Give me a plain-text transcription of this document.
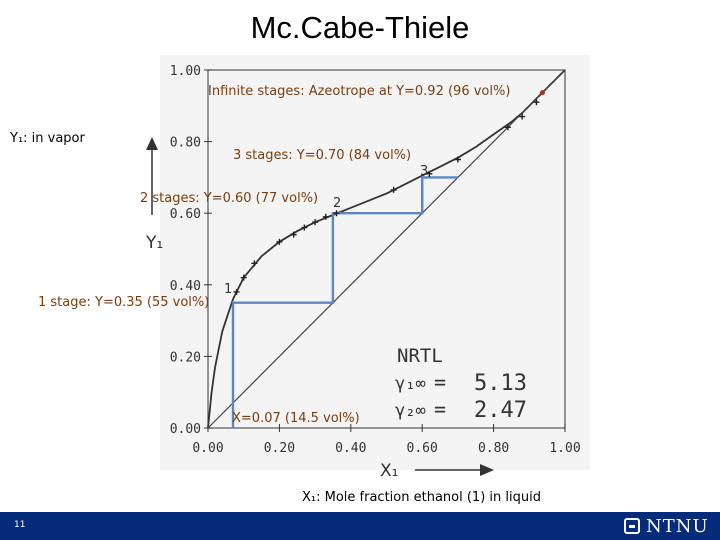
Mc.Cabe-Thiele
0.00
0.20
0.40
0.60
0.80
1.00
0.00	0.20	0.40	0.60	0.80	1.00
Y₁
X₁
NRTL
γ₁∞ = 5.13
γ₂∞ = 2.47
Infinite stages: Azeotrope at Y=0.92 (96 vol%)
Y₁: in vapor
3 stages: Y=0.70 (84 vol%)
3
2 stages: Y=0.60 (77 vol%) 2
1
1 stage: Y=0.35 (55 vol%)
X=0.07 (14.5 vol%)
X₁: Mole fraction ethanol (1) in liquid
11	NTNU
